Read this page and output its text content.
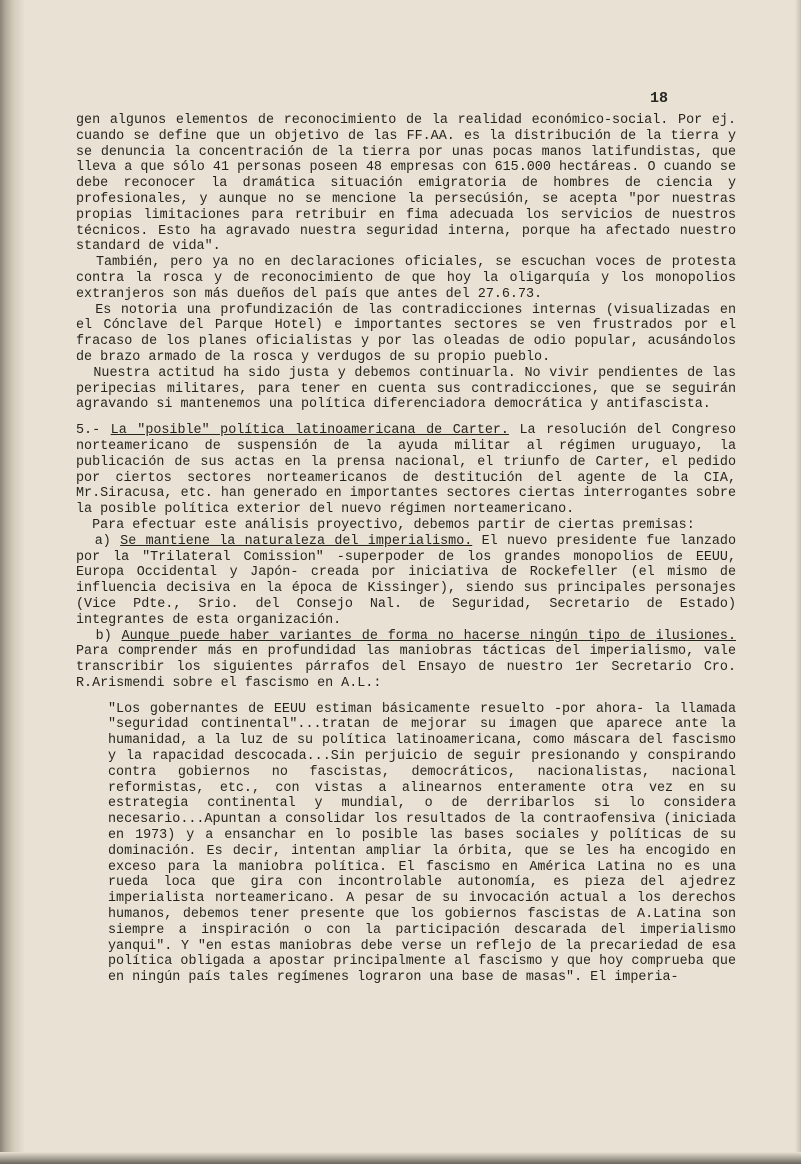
18

gen algunos elementos de reconocimiento de la realidad económico-social. Por ej. cuando se define que un objetivo de las FF.AA. es la distribución de la tierra y se denuncia la concentración de la tierra por unas pocas manos latifundistas, que lleva a que sólo 41 personas poseen 48 empresas con 615.000 hectáreas. O cuando se debe reconocer la dramática situación emigratoria de hombres de ciencia y profesionales, y aunque no se mencione la persecúsión, se acepta "por nuestras propias limitaciones para retribuir en fima adecuada los servicios de nuestros técnicos. Esto ha agravado nuestra seguridad interna, porque ha afectado nuestro standard de vida".

También, pero ya no en declaraciones oficiales, se escuchan voces de protesta contra la rosca y de reconocimiento de que hoy la oligarquía y los monopolios extranjeros son más dueños del país que antes del 27.6.73.

Es notoria una profundización de las contradicciones internas (visualizadas en el Cónclave del Parque Hotel) e importantes sectores se ven frustrados por el fracaso de los planes oficialistas y por las oleadas de odio popular, acusándolos de brazo armado de la rosca y verdugos de su propio pueblo.

Nuestra actitud ha sido justa y debemos continuarla. No vivir pendientes de las peripecias militares, para tener en cuenta sus contradicciones, que se seguirán agravando si mantenemos una política diferenciadora democrática y antifascista.

5.- La "posible" política latinoamericana de Carter. La resolución del Congreso norteamericano de suspensión de la ayuda militar al régimen uruguayo, la publicación de sus actas en la prensa nacional, el triunfo de Carter, el pedido por ciertos sectores norteamericanos de destitución del agente de la CIA, Mr.Siracusa, etc. han generado en importantes sectores ciertas interrogantes sobre la posible política exterior del nuevo régimen norteamericano.

Para efectuar este análisis proyectivo, debemos partir de ciertas premisas:

a) Se mantiene la naturaleza del imperialismo. El nuevo presidente fue lanzado por la "Trilateral Comission" -superpoder de los grandes monopolios de EEUU, Europa Occidental y Japón- creada por iniciativa de Rockefeller (el mismo de influencia decisiva en la época de Kissinger), siendo sus principales personajes (Vice Pdte., Srio. del Consejo Nal. de Seguridad, Secretario de Estado) integrantes de esta organización.

b) Aunque puede haber variantes de forma no hacerse ningún tipo de ilusiones. Para comprender más en profundidad las maniobras tácticas del imperialismo, vale transcribir los siguientes párrafos del Ensayo de nuestro 1er Secretario Cro. R.Arismendi sobre el fascismo en A.L.:

"Los gobernantes de EEUU estiman básicamente resuelto -por ahora- la llamada "seguridad continental"...tratan de mejorar su imagen que aparece ante la humanidad, a la luz de su política latinoamericana, como máscara del fascismo y la rapacidad descocada...Sin perjuicio de seguir presionando y conspirando contra gobiernos no fascistas, democráticos, nacionalistas, nacional reformistas, etc., con vistas a alinearnos enteramente otra vez en su estrategia continental y mundial, o de derribarlos si lo considera necesario...Apuntan a consolidar los resultados de la contraofensiva (iniciada en 1973) y a ensanchar en lo posible las bases sociales y políticas de su dominación. Es decir, intentan ampliar la órbita, que se les ha encogido en exceso para la maniobra política. El fascismo en América Latina no es una rueda loca que gira con incontrolable autonomía, es pieza del ajedrez imperialista norteamericano. A pesar de su invocación actual a los derechos humanos, debemos tener presente que los gobiernos fascistas de A.Latina son siempre a inspiración o con la participación descarada del imperialismo yanqui". Y "en estas maniobras debe verse un reflejo de la precariedad de esa política obligada a apostar principalmente al fascismo y que hoy comprueba que en ningún país tales regímenes lograron una base de masas". El imperia-
